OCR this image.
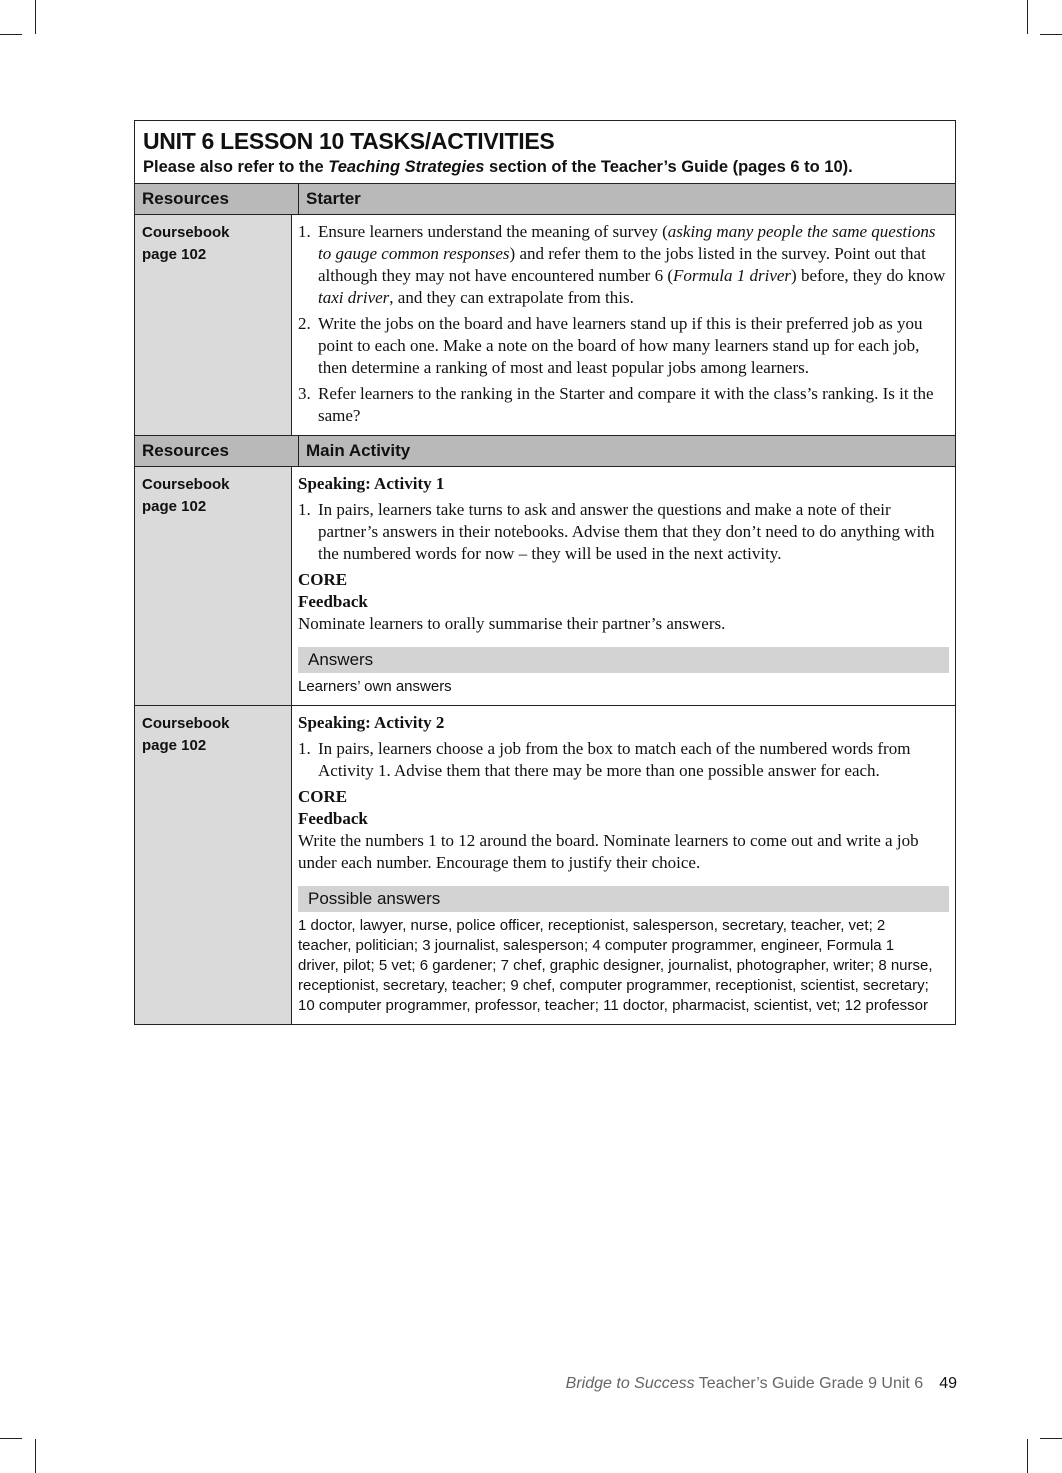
UNIT 6 LESSON 10 TASKS/ACTIVITIES
Please also refer to the Teaching Strategies section of the Teacher’s Guide (pages 6 to 10).
Resources	Starter
Coursebook
page 102
1. Ensure learners understand the meaning of survey (asking many people the same questions to gauge common responses) and refer them to the jobs listed in the survey. Point out that although they may not have encountered number 6 (Formula 1 driver) before, they do know taxi driver, and they can extrapolate from this.
2. Write the jobs on the board and have learners stand up if this is their preferred job as you point to each one. Make a note on the board of how many learners stand up for each job, then determine a ranking of most and least popular jobs among learners.
3. Refer learners to the ranking in the Starter and compare it with the class’s ranking. Is it the same?
Resources	Main Activity
Coursebook
page 102
Speaking: Activity 1
1. In pairs, learners take turns to ask and answer the questions and make a note of their partner’s answers in their notebooks. Advise them that they don’t need to do anything with the numbered words for now – they will be used in the next activity.
CORE
Feedback
Nominate learners to orally summarise their partner’s answers.
Answers
Learners’ own answers
Coursebook
page 102
Speaking: Activity 2
1. In pairs, learners choose a job from the box to match each of the numbered words from Activity 1. Advise them that there may be more than one possible answer for each.
CORE
Feedback
Write the numbers 1 to 12 around the board. Nominate learners to come out and write a job under each number. Encourage them to justify their choice.
Possible answers
1 doctor, lawyer, nurse, police officer, receptionist, salesperson, secretary, teacher, vet; 2 teacher, politician; 3 journalist, salesperson; 4 computer programmer, engineer, Formula 1 driver, pilot; 5 vet; 6 gardener; 7 chef, graphic designer, journalist, photographer, writer; 8 nurse, receptionist, secretary, teacher; 9 chef, computer programmer, receptionist, scientist, secretary; 10 computer programmer, professor, teacher; 11 doctor, pharmacist, scientist, vet; 12 professor
Bridge to Success Teacher’s Guide Grade 9 Unit 6 49
